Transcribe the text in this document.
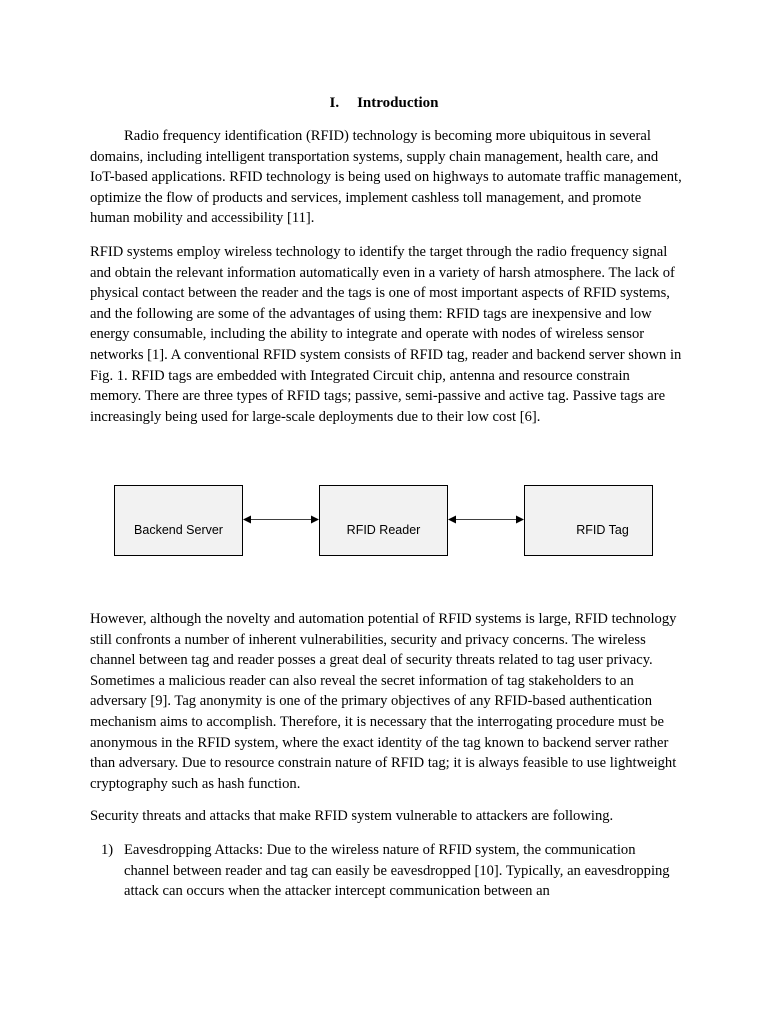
I. Introduction

Radio frequency identification (RFID) technology is becoming more ubiquitous in several domains, including intelligent transportation systems, supply chain management, health care, and IoT-based applications. RFID technology is being used on highways to automate traffic management, optimize the flow of products and services, implement cashless toll management, and promote human mobility and accessibility [11].

RFID systems employ wireless technology to identify the target through the radio frequency signal and obtain the relevant information automatically even in a variety of harsh atmosphere. The lack of physical contact between the reader and the tags is one of most important aspects of RFID systems, and the following are some of the advantages of using them: RFID tags are inexpensive and low energy consumable, including the ability to integrate and operate with nodes of wireless sensor networks [1]. A conventional RFID system consists of RFID tag, reader and backend server shown in Fig. 1. RFID tags are embedded with Integrated Circuit chip, antenna and resource constrain memory. There are three types of RFID tags; passive, semi-passive and active tag. Passive tags are increasingly being used for large-scale deployments due to their low cost [6].

Backend Server	RFID Reader	RFID Tag

However, although the novelty and automation potential of RFID systems is large, RFID technology still confronts a number of inherent vulnerabilities, security and privacy concerns. The wireless channel between tag and reader posses a great deal of security threats related to tag user privacy. Sometimes a malicious reader can also reveal the secret information of tag stakeholders to an adversary [9]. Tag anonymity is one of the primary objectives of any RFID-based authentication mechanism aims to accomplish. Therefore, it is necessary that the interrogating procedure must be anonymous in the RFID system, where the exact identity of the tag known to backend server rather than adversary. Due to resource constrain nature of RFID tag; it is always feasible to use lightweight cryptography such as hash function.

Security threats and attacks that make RFID system vulnerable to attackers are following.

1) Eavesdropping Attacks: Due to the wireless nature of RFID system, the communication channel between reader and tag can easily be eavesdropped [10]. Typically, an eavesdropping attack can occurs when the attacker intercept communication between an
